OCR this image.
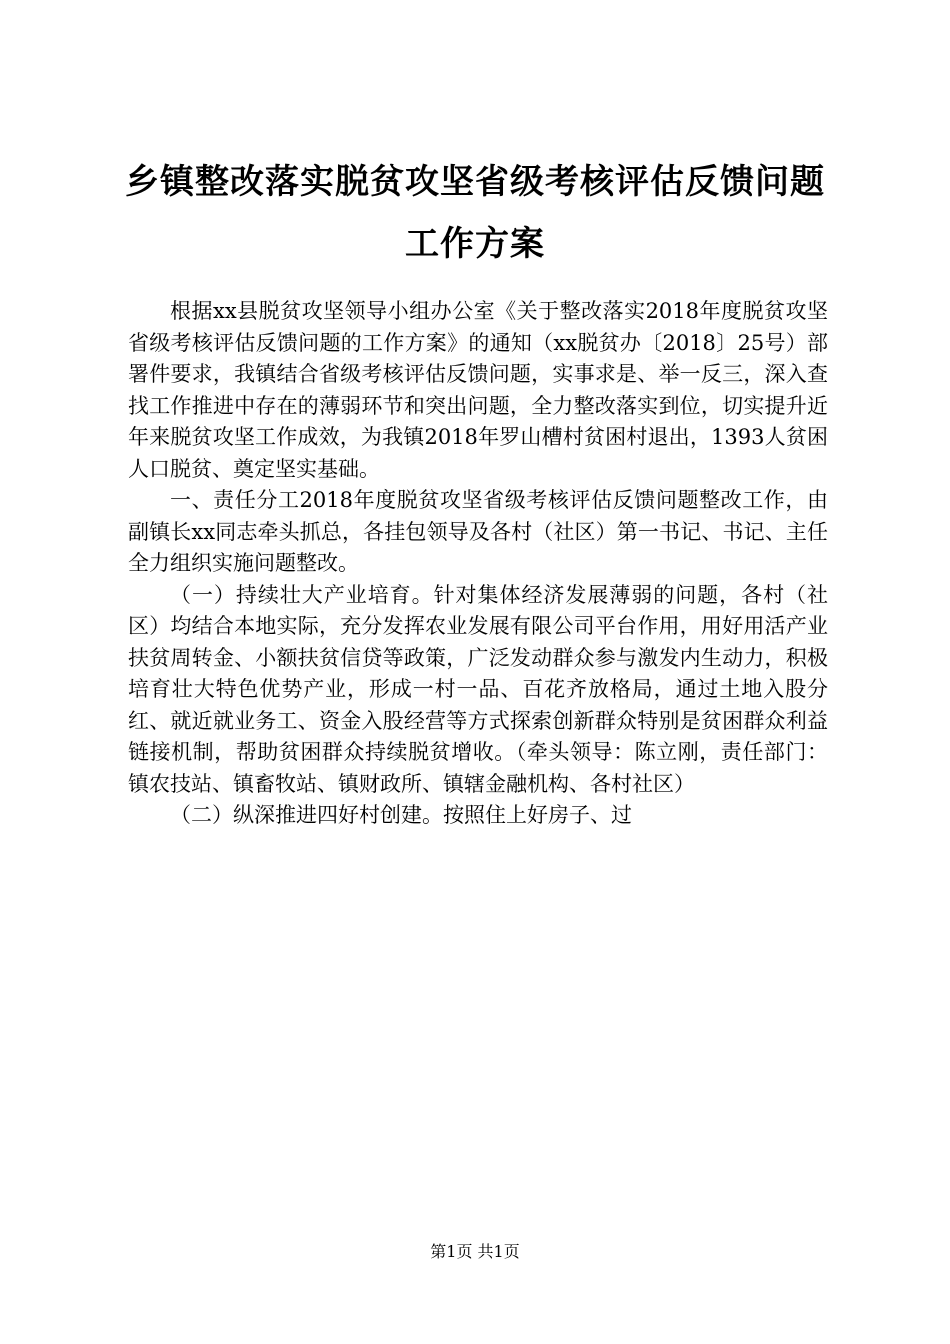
乡镇整改落实脱贫攻坚省级考核评估反馈问题
工作方案

根据xx县脱贫攻坚领导小组办公室《关于整改落实2018年度脱贫攻坚省级考核评估反馈问题的工作方案》的通知（xx脱贫办〔2018〕25号）部署件要求，我镇结合省级考核评估反馈问题，实事求是、举一反三，深入查找工作推进中存在的薄弱环节和突出问题，全力整改落实到位，切实提升近年来脱贫攻坚工作成效，为我镇2018年罗山槽村贫困村退出，1393人贫困人口脱贫、奠定坚实基础。

一、责任分工2018年度脱贫攻坚省级考核评估反馈问题整改工作，由副镇长xx同志牵头抓总，各挂包领导及各村（社区）第一书记、书记、主任全力组织实施问题整改。

（一）持续壮大产业培育。针对集体经济发展薄弱的问题，各村（社区）均结合本地实际，充分发挥农业发展有限公司平台作用，用好用活产业扶贫周转金、小额扶贫信贷等政策，广泛发动群众参与激发内生动力，积极培育壮大特色优势产业，形成一村一品、百花齐放格局，通过土地入股分红、就近就业务工、资金入股经营等方式探索创新群众特别是贫困群众利益链接机制，帮助贫困群众持续脱贫增收。（牵头领导：陈立刚，责任部门：镇农技站、镇畜牧站、镇财政所、镇辖金融机构、各村社区）

（二）纵深推进四好村创建。按照住上好房子、过

第1页 共1页
